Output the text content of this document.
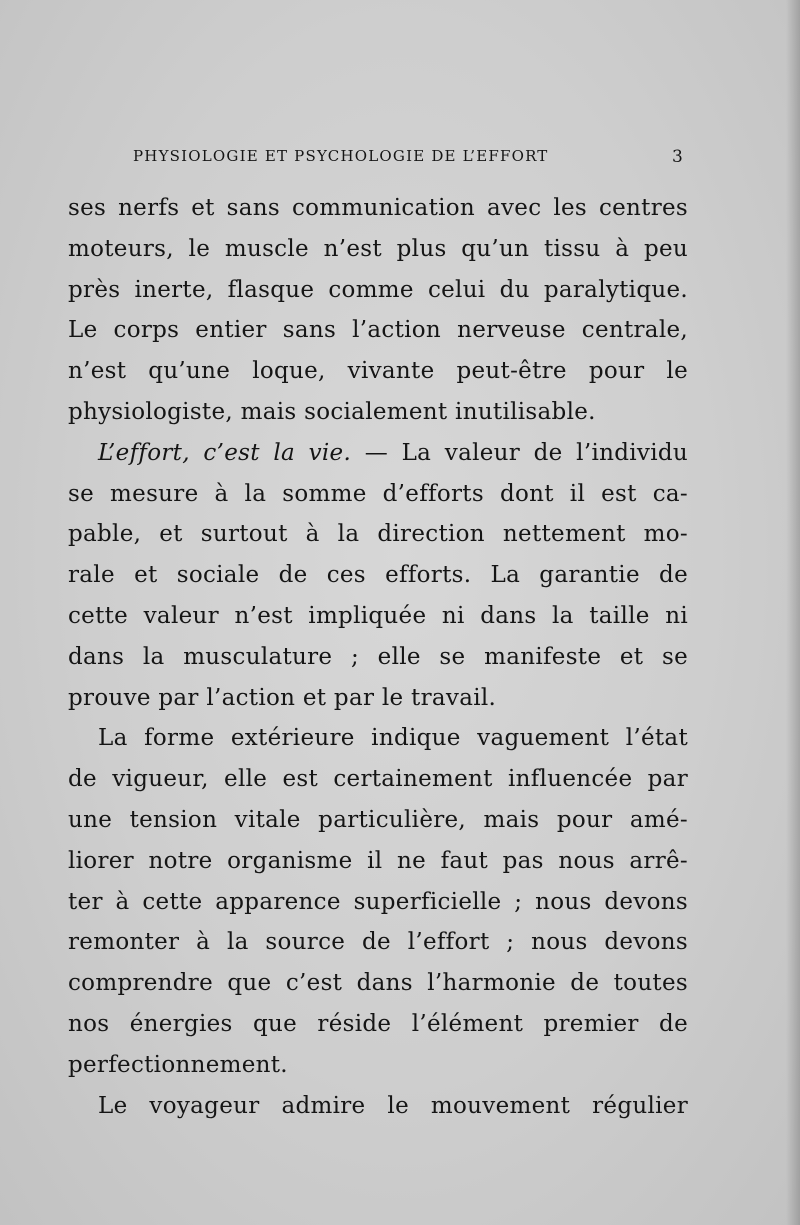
PHYSIOLOGIE ET PSYCHOLOGIE DE L’EFFORT	3
ses nerfs et sans communication avec les centres
moteurs, le muscle n’est plus qu’un tissu à peu
près inerte, flasque comme celui du paralytique.
Le corps entier sans l’action nerveuse centrale,
n’est qu’une loque, vivante peut-être pour le
physiologiste, mais socialement inutilisable.
L’effort, c’est la vie. — La valeur de l’individu
se mesure à la somme d’efforts dont il est ca-
pable, et surtout à la direction nettement mo-
rale et sociale de ces efforts. La garantie de
cette valeur n’est impliquée ni dans la taille ni
dans la musculature ; elle se manifeste et se
prouve par l’action et par le travail.
La forme extérieure indique vaguement l’état
de vigueur, elle est certainement influencée par
une tension vitale particulière, mais pour amé-
liorer notre organisme il ne faut pas nous arrê-
ter à cette apparence superficielle ; nous devons
remonter à la source de l’effort ; nous devons
comprendre que c’est dans l’harmonie de toutes
nos énergies que réside l’élément premier de
perfectionnement.
Le voyageur admire le mouvement régulier
